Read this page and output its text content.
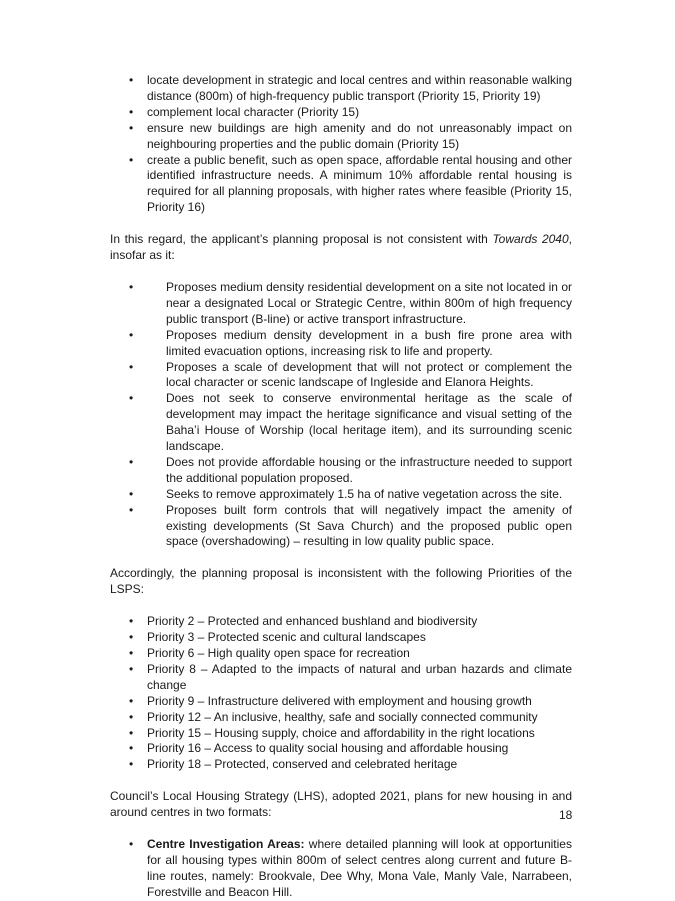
• locate development in strategic and local centres and within reasonable walking distance (800m) of high-frequency public transport (Priority 15, Priority 19)
• complement local character (Priority 15)
• ensure new buildings are high amenity and do not unreasonably impact on neighbouring properties and the public domain (Priority 15)
• create a public benefit, such as open space, affordable rental housing and other identified infrastructure needs. A minimum 10% affordable rental housing is required for all planning proposals, with higher rates where feasible (Priority 15, Priority 16)

In this regard, the applicant’s planning proposal is not consistent with Towards 2040, insofar as it:

•	Proposes medium density residential development on a site not located in or near a designated Local or Strategic Centre, within 800m of high frequency public transport (B-line) or active transport infrastructure.
•	Proposes medium density development in a bush fire prone area with limited evacuation options, increasing risk to life and property.
•	Proposes a scale of development that will not protect or complement the local character or scenic landscape of Ingleside and Elanora Heights.
•	Does not seek to conserve environmental heritage as the scale of development may impact the heritage significance and visual setting of the Baha’i House of Worship (local heritage item), and its surrounding scenic landscape.
•	Does not provide affordable housing or the infrastructure needed to support the additional population proposed.
•	Seeks to remove approximately 1.5 ha of native vegetation across the site.
•	Proposes built form controls that will negatively impact the amenity of existing developments (St Sava Church) and the proposed public open space (overshadowing) – resulting in low quality public space.

Accordingly, the planning proposal is inconsistent with the following Priorities of the LSPS:

• Priority 2 – Protected and enhanced bushland and biodiversity
• Priority 3 – Protected scenic and cultural landscapes
• Priority 6 – High quality open space for recreation
• Priority 8 – Adapted to the impacts of natural and urban hazards and climate change
• Priority 9 – Infrastructure delivered with employment and housing growth
• Priority 12 – An inclusive, healthy, safe and socially connected community
• Priority 15 – Housing supply, choice and affordability in the right locations
• Priority 16 – Access to quality social housing and affordable housing
• Priority 18 – Protected, conserved and celebrated heritage

Council’s Local Housing Strategy (LHS), adopted 2021, plans for new housing in and around centres in two formats:

• Centre Investigation Areas: where detailed planning will look at opportunities for all housing types within 800m of select centres along current and future B-line routes, namely: Brookvale, Dee Why, Mona Vale, Manly Vale, Narrabeen, Forestville and Beacon Hill.
18
